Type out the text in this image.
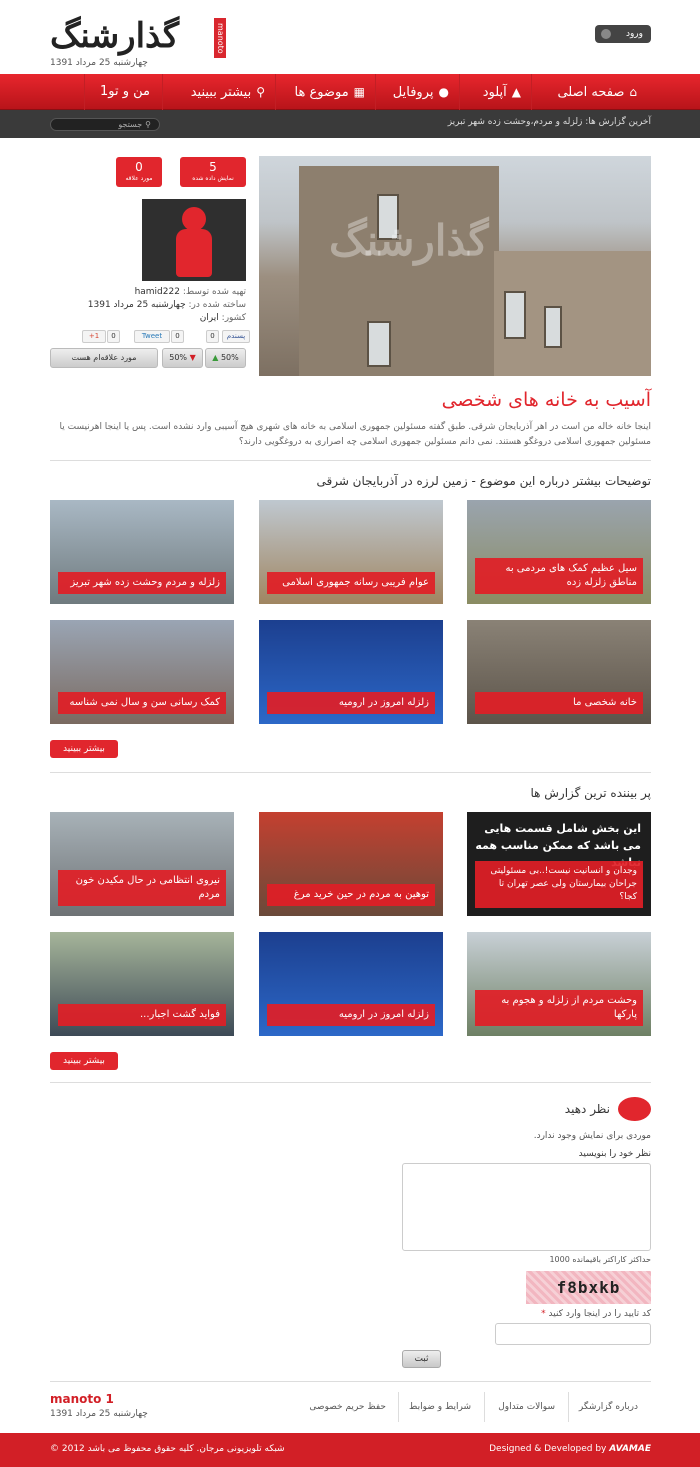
گذارشنگ	manoto
چهارشنبه 25 مرداد 1391
f g+ t	ورود
⌂صفحه اصلی
▲آپلود
●پروفایل
▦موضوع ها
⚲بیشتر ببینید
من و تو1
آخرین گزارش ها: زلزله و مردم،وحشت زده شهر تبریز
⚲جستجو
گذارشنگ
5
نمایش داده شده
0
مورد علاقه
تهیه شده توسط: hamid222
ساخته شده در: چهارشنبه 25 مرداد 1391
کشور: ایران
0	پسندم
0
Tweet
0
+1
▲ 50%
50% ▼
مورد علاقه‌ام هست
آسیب به خانه های شخصی
اینجا خانه خاله من است در اهر آذربایجان شرقی. طبق گفته مسئولین جمهوری اسلامی به خانه های شهری هیچ آسیبی وارد نشده است. پس یا اینجا اهرنیست یا مسئولین جمهوری اسلامی دروغگو هستند. نمی دانم مسئولین جمهوری اسلامی چه اصراری به دروغگویی دارند؟
توضیحات بیشتر درباره این موضوع - زمین لرزه در آذربایجان شرقی
زلزله و مردم وحشت زده شهر تبریز	عوام فریبی رسانه جمهوری اسلامی
سیل عظیم کمک های مردمی به مناطق زلزله زده
کمک رسانی سن و سال نمی شناسه	زلزله امروز در ارومیه	خانه شخصی ما
بیشتر ببینید
پر بیننده ترین گزارش ها
نیروی انتظامی در حال مکیدن خون مردم	توهین به مردم در حین خرید مرغ
این بخش شامل قسمت هایی می باشد که ممکن مناسب همه
وجدان و انسانیت نیست!..بی مسئولیتی جراحان بیمارستان ولی عصر تهران تا کجا؟
فواید گشت اجبار...	زلزله امروز در ارومیه
وحشت مردم از زلزله و هجوم به پارکها
بیشتر ببینید
نظر دهید
موردی برای نمایش وجود ندارد.
نظر خود را بنویسید
حداکثر کاراکتر باقیمانده 1000
f8bxkb
کد تایید را در اینجا وارد کنید *
ثبت
درباره گزارشگر
سوالات متداول
شرایط و ضوابط
حفظ حریم خصوصی
manoto 1
چهارشنبه 25 مرداد 1391
شبکه تلویزیونی مرجان. کلیه حقوق محفوظ می باشد 2012 ©	Designed & Developed by AVAMAE
